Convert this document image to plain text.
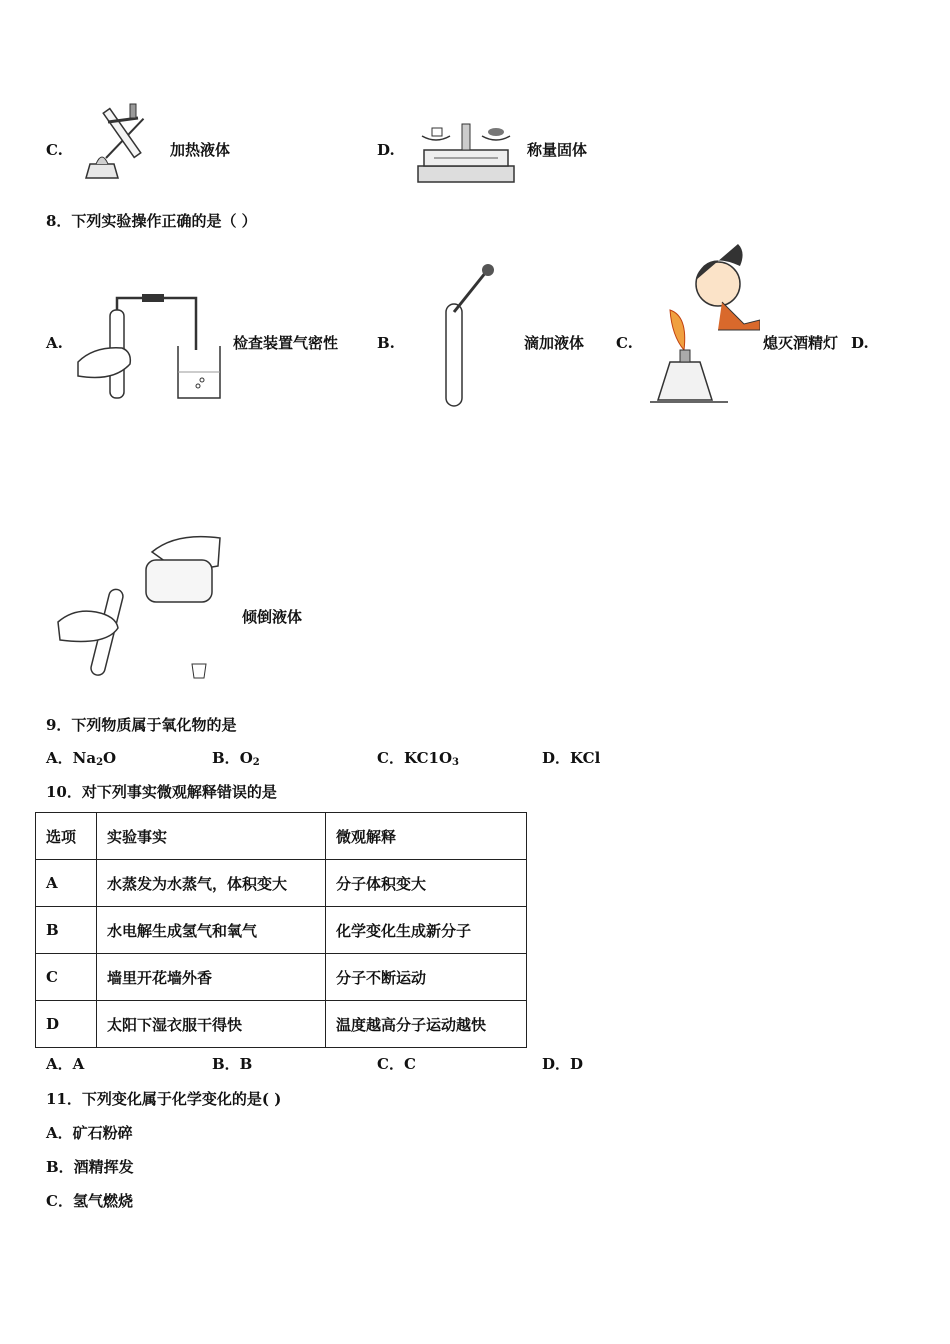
C.	加热液体	D.	称量固体
8．下列实验操作正确的是（ ）
A.	检查装置气密性	B.	滴加液体 C.	熄灭酒精灯 D.
倾倒液体
9．下列物质属于氧化物的是
A．$Na_2O$	B．$O_2$	C．$KC1O_3$	D．KCl
10．对下列事实微观解释错误的是
选项	实验事实	微观解释
A	水蒸发为水蒸气，体积变大	分子体积变大
B	水电解生成氢气和氧气	化学变化生成新分子
C	墙里开花墙外香	分子不断运动
D	太阳下湿衣服干得快	温度越高分子运动越快
A．A	B．B	C．C	D．D
11．下列变化属于化学变化的是( )
A．矿石粉碎
B．酒精挥发
C．氢气燃烧
